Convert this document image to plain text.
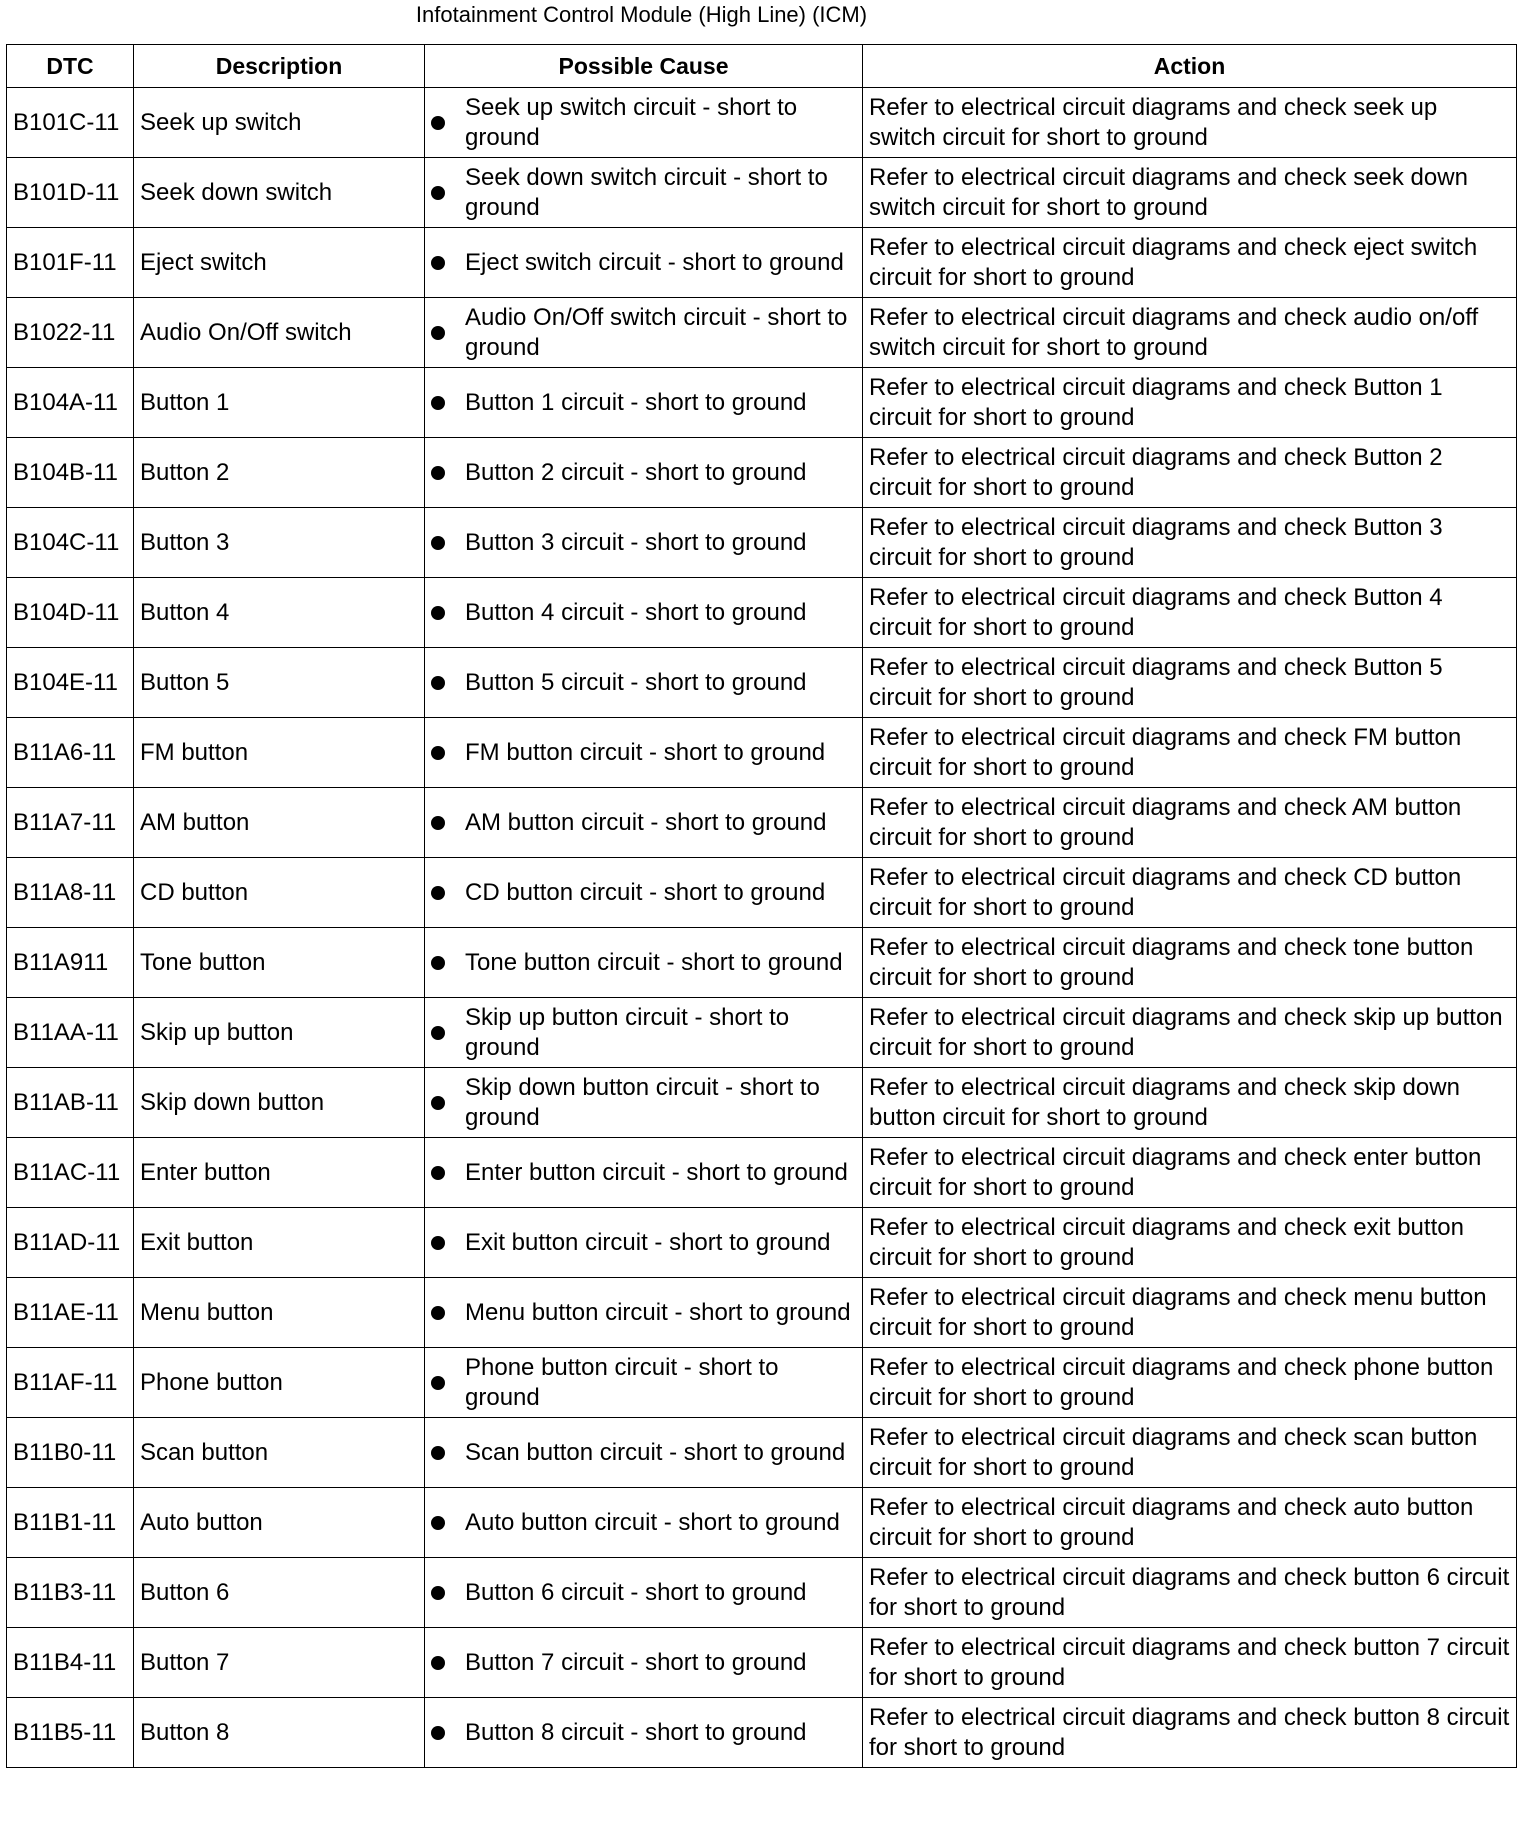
Infotainment Control Module (High Line) (ICM)
DTC	Description	Possible Cause	Action
B101C-11	Seek up switch	Seek up switch circuit - short to ground	Refer to electrical circuit diagrams and check seek up switch circuit for short to ground
B101D-11	Seek down switch	Seek down switch circuit - short to ground	Refer to electrical circuit diagrams and check seek down switch circuit for short to ground
B101F-11	Eject switch	Eject switch circuit - short to ground	Refer to electrical circuit diagrams and check eject switch circuit for short to ground
B1022-11	Audio On/Off switch	Audio On/Off switch circuit - short to ground	Refer to electrical circuit diagrams and check audio on/off switch circuit for short to ground
B104A-11	Button 1	Button 1 circuit - short to ground	Refer to electrical circuit diagrams and check Button 1 circuit for short to ground
B104B-11	Button 2	Button 2 circuit - short to ground	Refer to electrical circuit diagrams and check Button 2 circuit for short to ground
B104C-11	Button 3	Button 3 circuit - short to ground	Refer to electrical circuit diagrams and check Button 3 circuit for short to ground
B104D-11	Button 4	Button 4 circuit - short to ground	Refer to electrical circuit diagrams and check Button 4 circuit for short to ground
B104E-11	Button 5	Button 5 circuit - short to ground	Refer to electrical circuit diagrams and check Button 5 circuit for short to ground
B11A6-11	FM button	FM button circuit - short to ground	Refer to electrical circuit diagrams and check FM button circuit for short to ground
B11A7-11	AM button	AM button circuit - short to ground	Refer to electrical circuit diagrams and check AM button circuit for short to ground
B11A8-11	CD button	CD button circuit - short to ground	Refer to electrical circuit diagrams and check CD button circuit for short to ground
B11A911	Tone button	Tone button circuit - short to ground	Refer to electrical circuit diagrams and check tone button circuit for short to ground
B11AA-11	Skip up button	Skip up button circuit - short to ground	Refer to electrical circuit diagrams and check skip up button circuit for short to ground
B11AB-11	Skip down button	Skip down button circuit - short to ground	Refer to electrical circuit diagrams and check skip down button circuit for short to ground
B11AC-11	Enter button	Enter button circuit - short to ground	Refer to electrical circuit diagrams and check enter button circuit for short to ground
B11AD-11	Exit button	Exit button circuit - short to ground	Refer to electrical circuit diagrams and check exit button circuit for short to ground
B11AE-11	Menu button	Menu button circuit - short to ground	Refer to electrical circuit diagrams and check menu button circuit for short to ground
B11AF-11	Phone button	Phone button circuit - short to ground	Refer to electrical circuit diagrams and check phone button circuit for short to ground
B11B0-11	Scan button	Scan button circuit - short to ground	Refer to electrical circuit diagrams and check scan button circuit for short to ground
B11B1-11	Auto button	Auto button circuit - short to ground	Refer to electrical circuit diagrams and check auto button circuit for short to ground
B11B3-11	Button 6	Button 6 circuit - short to ground	Refer to electrical circuit diagrams and check button 6 circuit for short to ground
B11B4-11	Button 7	Button 7 circuit - short to ground	Refer to electrical circuit diagrams and check button 7 circuit for short to ground
B11B5-11	Button 8	Button 8 circuit - short to ground	Refer to electrical circuit diagrams and check button 8 circuit for short to ground
